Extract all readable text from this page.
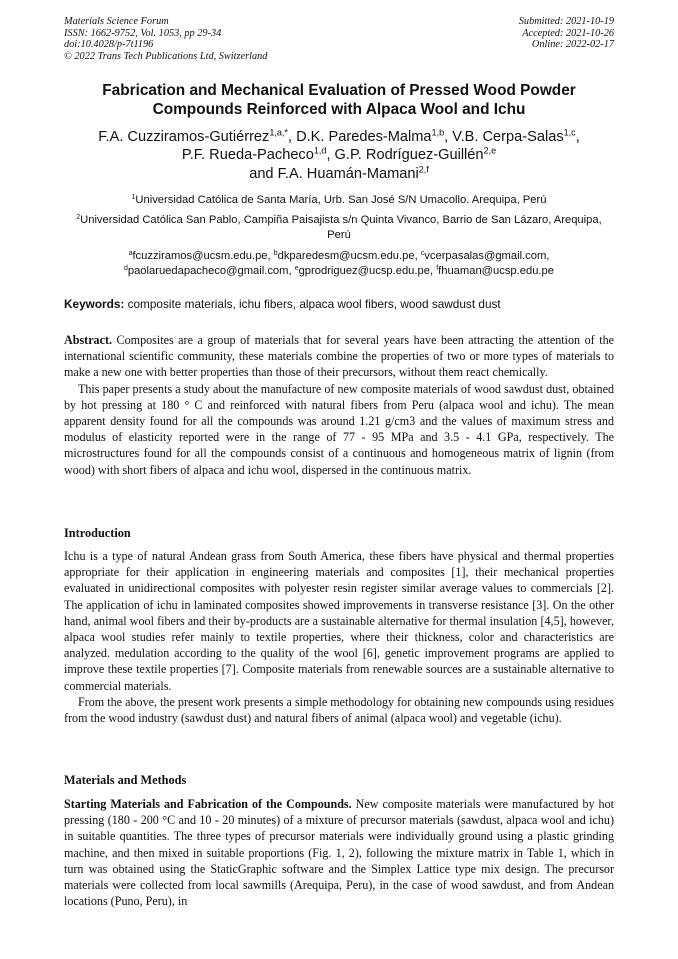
Materials Science Forum
ISSN: 1662-9752, Vol. 1053, pp 29-34
doi:10.4028/p-7t1196
© 2022 Trans Tech Publications Ltd, Switzerland
Submitted: 2021-10-19
Accepted: 2021-10-26
Online: 2022-02-17
Fabrication and Mechanical Evaluation of Pressed Wood Powder
Compounds Reinforced with Alpaca Wool and Ichu
F.A. Cuzziramos-Gutiérrez$^{1,a,*}$, D.K. Paredes-Malma$^{1,b}$, V.B. Cerpa-Salas$^{1,c}$,
P.F. Rueda-Pacheco$^{1,d}$, G.P. Rodríguez-Guillén$^{2,e}$
and F.A. Huamán-Mamani$^{2,f}$
$^1$Universidad Católica de Santa María, Urb. San José S/N Umacollo. Arequipa, Perú
$^2$Universidad Católica San Pablo, Campiña Paisajista s/n Quinta Vivanco, Barrio de San Lázaro, Arequipa, Perú
$^a$fcuzziramos@ucsm.edu.pe, $^b$dkparedesm@ucsm.edu.pe, $^c$vcerpasalas@gmail.com,
$^d$paolaruedapacheco@gmail.com, $^e$gprodriguez@ucsp.edu.pe, $^f$fhuaman@ucsp.edu.pe
Keywords: composite materials, ichu fibers, alpaca wool fibers, wood sawdust dust

Abstract. Composites are a group of materials that for several years have been attracting the attention of the international scientific community, these materials combine the properties of two or more types of materials to make a new one with better properties than those of their precursors, without them react chemically.

This paper presents a study about the manufacture of new composite materials of wood sawdust dust, obtained by hot pressing at 180 ° C and reinforced with natural fibers from Peru (alpaca wool and ichu). The mean apparent density found for all the compounds was around 1.21 g/cm3 and the values of maximum stress and modulus of elasticity reported were in the range of 77 - 95 MPa and 3.5 - 4.1 GPa, respectively. The microstructures found for all the compounds consist of a continuous and homogeneous matrix of lignin (from wood) with short fibers of alpaca and ichu wool, dispersed in the continuous matrix.

Introduction

Ichu is a type of natural Andean grass from South America, these fibers have physical and thermal properties appropriate for their application in engineering materials and composites [1], their mechanical properties evaluated in unidirectional composites with polyester resin register similar average values to commercials [2]. The application of ichu in laminated composites showed improvements in transverse resistance [3]. On the other hand, animal wool fibers and their by-products are a sustainable alternative for thermal insulation [4,5], however, alpaca wool studies refer mainly to textile properties, where their thickness, color and characteristics are analyzed. medulation according to the quality of the wool [6], genetic improvement programs are applied to improve these textile properties [7]. Composite materials from renewable sources are a sustainable alternative to commercial materials.

From the above, the present work presents a simple methodology for obtaining new compounds using residues from the wood industry (sawdust dust) and natural fibers of animal (alpaca wool) and vegetable (ichu).

Materials and Methods

Starting Materials and Fabrication of the Compounds. New composite materials were manufactured by hot pressing (180 - 200 °C and 10 - 20 minutes) of a mixture of precursor materials (sawdust, alpaca wool and ichu) in suitable quantities. The three types of precursor materials were individually ground using a plastic grinding machine, and then mixed in suitable proportions (Fig. 1, 2), following the mixture matrix in Table 1, which in turn was obtained using the StaticGraphic software and the Simplex Lattice type mix design. The precursor materials were collected from local sawmills (Arequipa, Peru), in the case of wood sawdust, and from Andean locations (Puno, Peru), in
